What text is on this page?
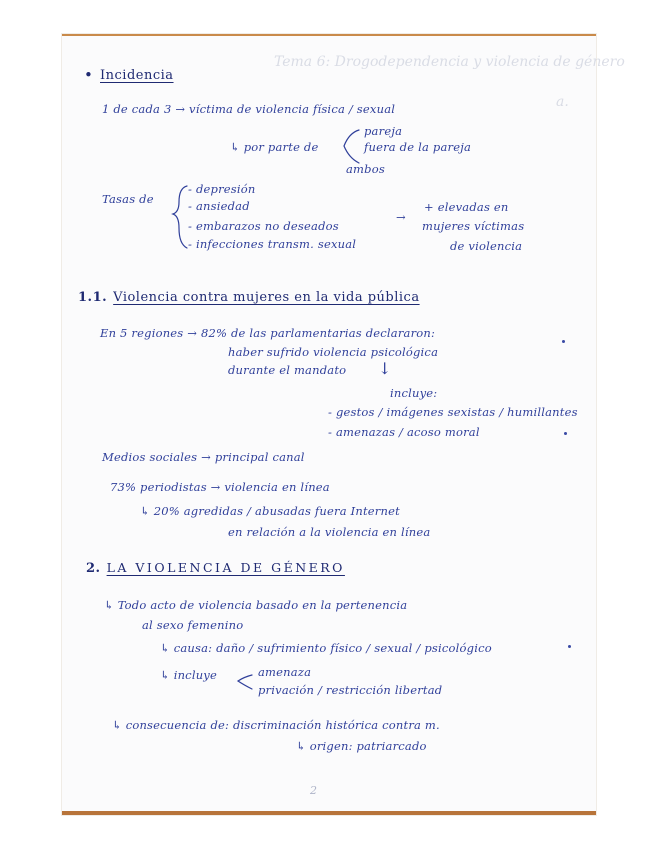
Tema 6: Drogodependencia y violencia de género
a.
• Incidencia
1 de cada 3 → víctima de violencia física / sexual
↳ por parte de
pareja
fuera de la pareja
ambos
Tasas de
- depresión
- ansiedad
- embarazos no deseados
- infecciones transm. sexual
→
+ elevadas en
mujeres víctimas
de violencia
1.1. Violencia contra mujeres en la vida pública
En 5 regiones → 82% de las parlamentarias declararon:
haber sufrido violencia psicológica
durante el mandato ↓
incluye:
- gestos / imágenes sexistas / humillantes
- amenazas / acoso moral
Medios sociales → principal canal
73% periodistas → violencia en línea
↳ 20% agredidas / abusadas fuera Internet
en relación a la violencia en línea
2. LA VIOLENCIA DE GÉNERO
↳ Todo acto de violencia basado en la pertenencia
al sexo femenino
↳ causa: daño / sufrimiento físico / sexual / psicológico
↳ incluye	amenaza
privación / restricción libertad
↳ consecuencia de: discriminación histórica contra m.
↳ origen: patriarcado
2
